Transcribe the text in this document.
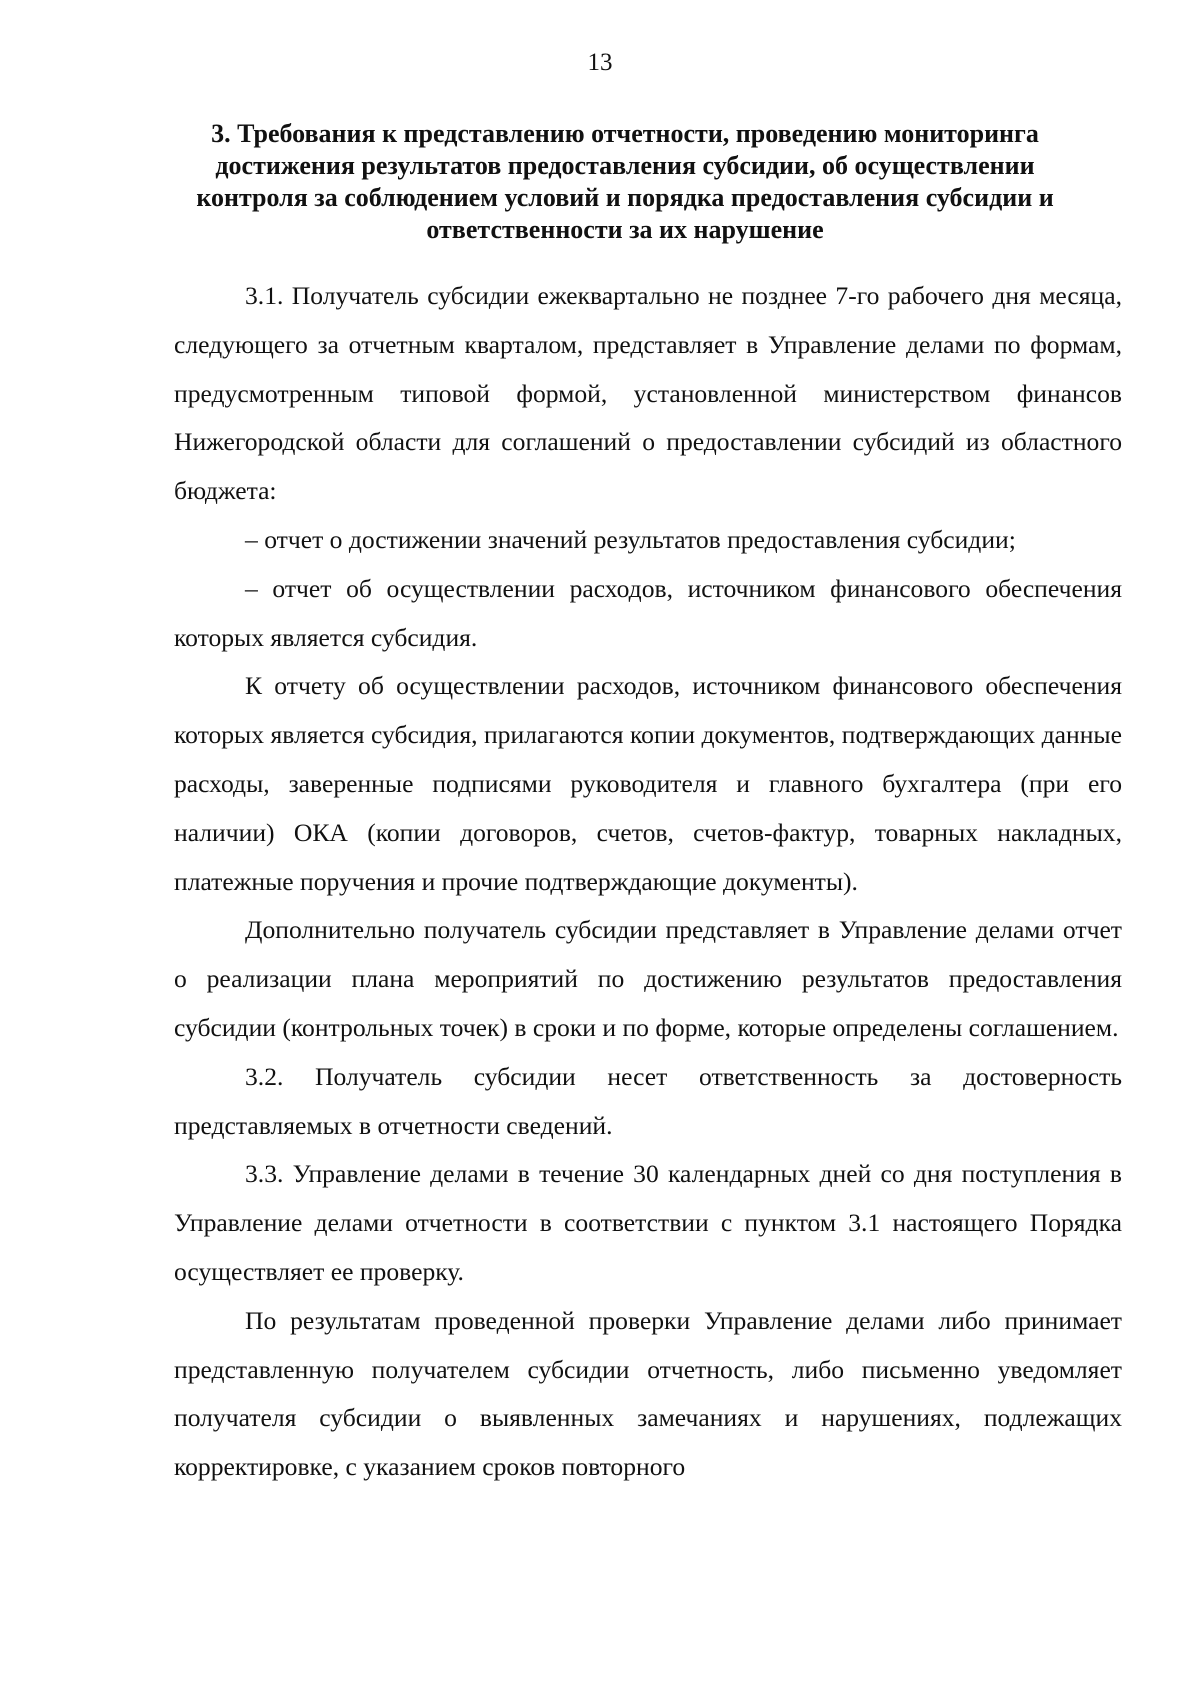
13

3. Требования к представлению отчетности, проведению мониторинга достижения результатов предоставления субсидии, об осуществлении контроля за соблюдением условий и порядка предоставления субсидии и ответственности за их нарушение

3.1. Получатель субсидии ежеквартально не позднее 7-го рабочего дня месяца, следующего за отчетным кварталом, представляет в Управление делами по формам, предусмотренным типовой формой, установленной министерством финансов Нижегородской области для соглашений о предоставлении субсидий из областного бюджета:

– отчет о достижении значений результатов предоставления субсидии;

– отчет об осуществлении расходов, источником финансового обеспечения которых является субсидия.

К отчету об осуществлении расходов, источником финансового обеспечения которых является субсидия, прилагаются копии документов, подтверждающих данные расходы, заверенные подписями руководителя и главного бухгалтера (при его наличии) ОКА (копии договоров, счетов, счетов-фактур, товарных накладных, платежные поручения и прочие подтверждающие документы).

Дополнительно получатель субсидии представляет в Управление делами отчет о реализации плана мероприятий по достижению результатов предоставления субсидии (контрольных точек) в сроки и по форме, которые определены соглашением.

3.2. Получатель субсидии несет ответственность за достоверность представляемых в отчетности сведений.

3.3. Управление делами в течение 30 календарных дней со дня поступления в Управление делами отчетности в соответствии с пунктом 3.1 настоящего Порядка осуществляет ее проверку.

По результатам проведенной проверки Управление делами либо принимает представленную получателем субсидии отчетность, либо письменно уведомляет получателя субсидии о выявленных замечаниях и нарушениях, подлежащих корректировке, с указанием сроков повторного
